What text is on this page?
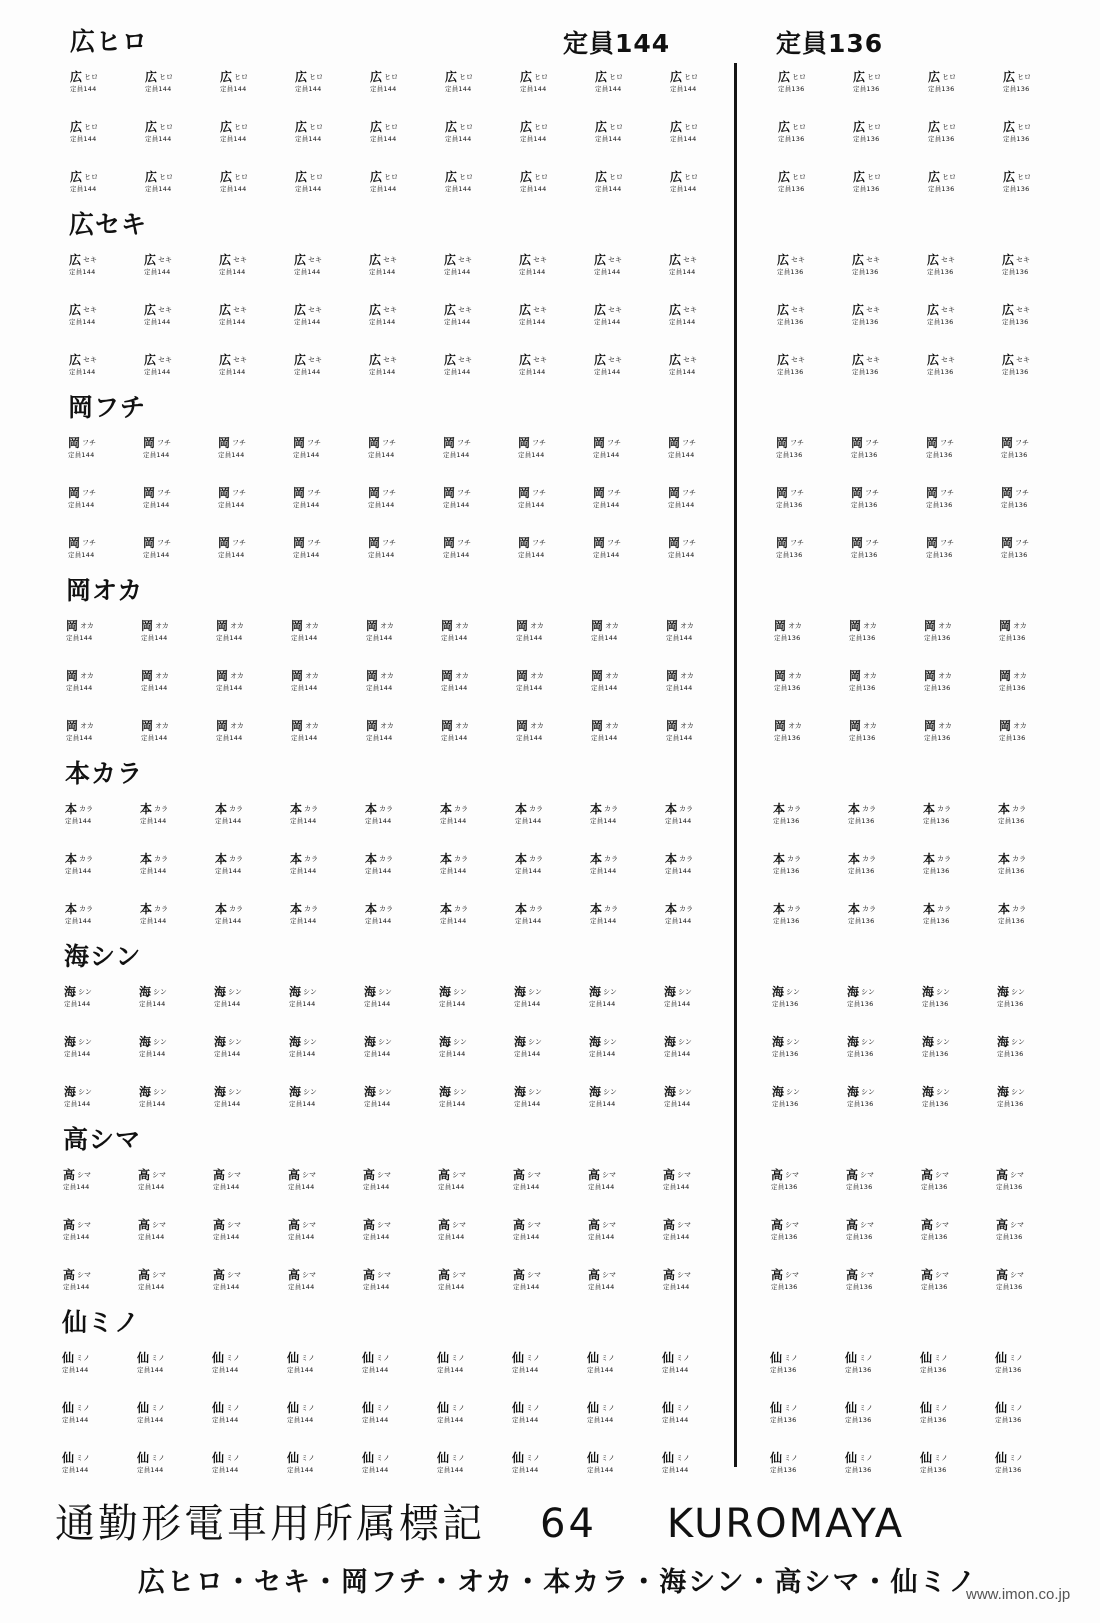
定員144	定員136
広ヒロ
広ヒロ
定員144
広ヒロ
定員144
広ヒロ
定員144
広ヒロ
定員144
広ヒロ
定員144
広ヒロ
定員144
広ヒロ
定員144
広ヒロ
定員144
広ヒロ
定員144
広ヒロ
定員136
広ヒロ
定員136
広ヒロ
定員136
広ヒロ
定員136
広ヒロ
定員144
広ヒロ
定員144
広ヒロ
定員144
広ヒロ
定員144
広ヒロ
定員144
広ヒロ
定員144
広ヒロ
定員144
広ヒロ
定員144
広ヒロ
定員144
広ヒロ
定員136
広ヒロ
定員136
広ヒロ
定員136
広ヒロ
定員136
広ヒロ
定員144
広ヒロ
定員144
広ヒロ
定員144
広ヒロ
定員144
広ヒロ
定員144
広ヒロ
定員144
広ヒロ
定員144
広ヒロ
定員144
広ヒロ
定員144
広ヒロ
定員136
広ヒロ
定員136
広ヒロ
定員136
広ヒロ
定員136
広セキ
広セキ
定員144
広セキ
定員144
広セキ
定員144
広セキ
定員144
広セキ
定員144
広セキ
定員144
広セキ
定員144
広セキ
定員144
広セキ
定員144
広セキ
定員136
広セキ
定員136
広セキ
定員136
広セキ
定員136
広セキ
定員144
広セキ
定員144
広セキ
定員144
広セキ
定員144
広セキ
定員144
広セキ
定員144
広セキ
定員144
広セキ
定員144
広セキ
定員144
広セキ
定員136
広セキ
定員136
広セキ
定員136
広セキ
定員136
広セキ
定員144
広セキ
定員144
広セキ
定員144
広セキ
定員144
広セキ
定員144
広セキ
定員144
広セキ
定員144
広セキ
定員144
広セキ
定員144
広セキ
定員136
広セキ
定員136
広セキ
定員136
広セキ
定員136
岡フチ
岡フチ
定員144
岡フチ
定員144
岡フチ
定員144
岡フチ
定員144
岡フチ
定員144
岡フチ
定員144
岡フチ
定員144
岡フチ
定員144
岡フチ
定員144
岡フチ
定員136
岡フチ
定員136
岡フチ
定員136
岡フチ
定員136
岡フチ
定員144
岡フチ
定員144
岡フチ
定員144
岡フチ
定員144
岡フチ
定員144
岡フチ
定員144
岡フチ
定員144
岡フチ
定員144
岡フチ
定員144
岡フチ
定員136
岡フチ
定員136
岡フチ
定員136
岡フチ
定員136
岡フチ
定員144
岡フチ
定員144
岡フチ
定員144
岡フチ
定員144
岡フチ
定員144
岡フチ
定員144
岡フチ
定員144
岡フチ
定員144
岡フチ
定員144
岡フチ
定員136
岡フチ
定員136
岡フチ
定員136
岡フチ
定員136
岡オカ
岡オカ
定員144
岡オカ
定員144
岡オカ
定員144
岡オカ
定員144
岡オカ
定員144
岡オカ
定員144
岡オカ
定員144
岡オカ
定員144
岡オカ
定員144
岡オカ
定員136
岡オカ
定員136
岡オカ
定員136
岡オカ
定員136
岡オカ
定員144
岡オカ
定員144
岡オカ
定員144
岡オカ
定員144
岡オカ
定員144
岡オカ
定員144
岡オカ
定員144
岡オカ
定員144
岡オカ
定員144
岡オカ
定員136
岡オカ
定員136
岡オカ
定員136
岡オカ
定員136
岡オカ
定員144
岡オカ
定員144
岡オカ
定員144
岡オカ
定員144
岡オカ
定員144
岡オカ
定員144
岡オカ
定員144
岡オカ
定員144
岡オカ
定員144
岡オカ
定員136
岡オカ
定員136
岡オカ
定員136
岡オカ
定員136
本カラ
本カラ
定員144
本カラ
定員144
本カラ
定員144
本カラ
定員144
本カラ
定員144
本カラ
定員144
本カラ
定員144
本カラ
定員144
本カラ
定員144
本カラ
定員136
本カラ
定員136
本カラ
定員136
本カラ
定員136
本カラ
定員144
本カラ
定員144
本カラ
定員144
本カラ
定員144
本カラ
定員144
本カラ
定員144
本カラ
定員144
本カラ
定員144
本カラ
定員144
本カラ
定員136
本カラ
定員136
本カラ
定員136
本カラ
定員136
本カラ
定員144
本カラ
定員144
本カラ
定員144
本カラ
定員144
本カラ
定員144
本カラ
定員144
本カラ
定員144
本カラ
定員144
本カラ
定員144
本カラ
定員136
本カラ
定員136
本カラ
定員136
本カラ
定員136
海シン
海シン
定員144
海シン
定員144
海シン
定員144
海シン
定員144
海シン
定員144
海シン
定員144
海シン
定員144
海シン
定員144
海シン
定員144
海シン
定員136
海シン
定員136
海シン
定員136
海シン
定員136
海シン
定員144
海シン
定員144
海シン
定員144
海シン
定員144
海シン
定員144
海シン
定員144
海シン
定員144
海シン
定員144
海シン
定員144
海シン
定員136
海シン
定員136
海シン
定員136
海シン
定員136
海シン
定員144
海シン
定員144
海シン
定員144
海シン
定員144
海シン
定員144
海シン
定員144
海シン
定員144
海シン
定員144
海シン
定員144
海シン
定員136
海シン
定員136
海シン
定員136
海シン
定員136
高シマ
高シマ
定員144
高シマ
定員144
高シマ
定員144
高シマ
定員144
高シマ
定員144
高シマ
定員144
高シマ
定員144
高シマ
定員144
高シマ
定員144
高シマ
定員136
高シマ
定員136
高シマ
定員136
高シマ
定員136
高シマ
定員144
高シマ
定員144
高シマ
定員144
高シマ
定員144
高シマ
定員144
高シマ
定員144
高シマ
定員144
高シマ
定員144
高シマ
定員144
高シマ
定員136
高シマ
定員136
高シマ
定員136
高シマ
定員136
高シマ
定員144
高シマ
定員144
高シマ
定員144
高シマ
定員144
高シマ
定員144
高シマ
定員144
高シマ
定員144
高シマ
定員144
高シマ
定員144
高シマ
定員136
高シマ
定員136
高シマ
定員136
高シマ
定員136
仙ミノ
仙ミノ
定員144
仙ミノ
定員144
仙ミノ
定員144
仙ミノ
定員144
仙ミノ
定員144
仙ミノ
定員144
仙ミノ
定員144
仙ミノ
定員144
仙ミノ
定員144
仙ミノ
定員136
仙ミノ
定員136
仙ミノ
定員136
仙ミノ
定員136
仙ミノ
定員144
仙ミノ
定員144
仙ミノ
定員144
仙ミノ
定員144
仙ミノ
定員144
仙ミノ
定員144
仙ミノ
定員144
仙ミノ
定員144
仙ミノ
定員144
仙ミノ
定員136
仙ミノ
定員136
仙ミノ
定員136
仙ミノ
定員136
仙ミノ
定員144
仙ミノ
定員144
仙ミノ
定員144
仙ミノ
定員144
仙ミノ
定員144
仙ミノ
定員144
仙ミノ
定員144
仙ミノ
定員144
仙ミノ
定員144
仙ミノ
定員136
仙ミノ
定員136
仙ミノ
定員136
仙ミノ
定員136
通勤形電車用所属標記 64 KUROMAYA
広ヒロ・セキ・岡フチ・オカ・本カラ・海シン・高シマ・仙ミノ
www.imon.co.jp
